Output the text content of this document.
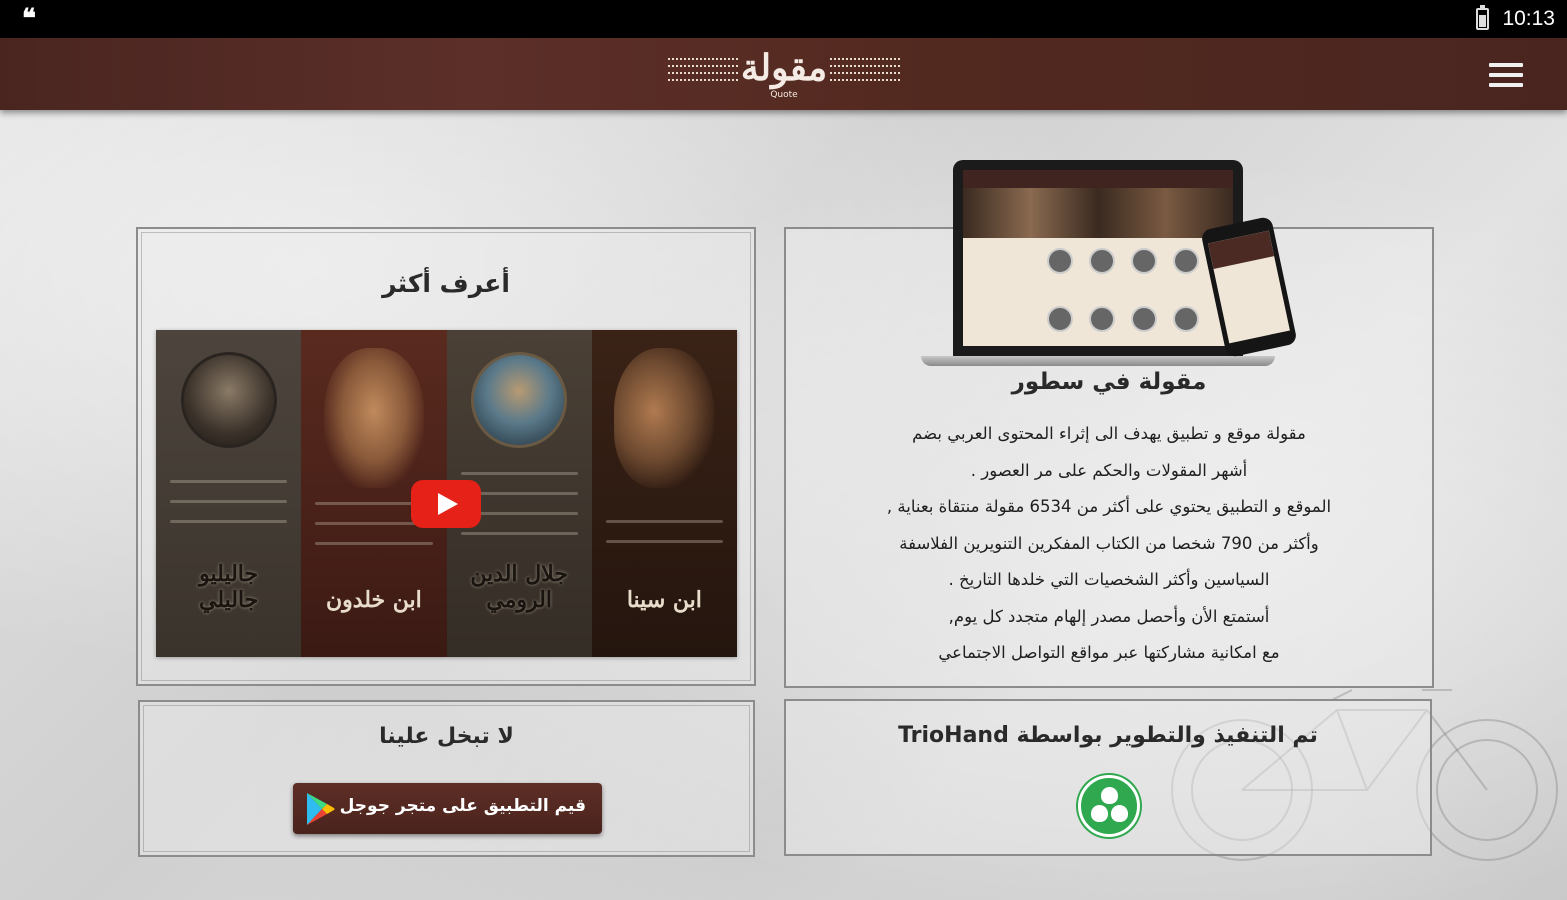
❝	10:13
مقولة
Quote
أعرف أكثر
جاليليو جاليلي	ابن خلدون
جلال الدين الرومي	ابن سينا
مقولة في سطور
مقولة موقع و تطبيق يهدف الى إثراء المحتوى العربي بضم
أشهر المقولات والحكم على مر العصور .
الموقع و التطبيق يحتوي على أكثر من 6534 مقولة منتقاة بعناية ,
وأكثر من 790 شخصا من الكتاب المفكرين التنويرين الفلاسفة
السياسين وأكثر الشخصيات التي خلدها التاريخ .
أستمتع الأن وأحصل مصدر إلهام متجدد كل يوم,
مع امكانية مشاركتها عبر مواقع التواصل الاجتماعي
لا تبخل علينا
قيم التطبيق على متجر جوجل
تم التنفيذ والتطوير بواسطة TrioHand
